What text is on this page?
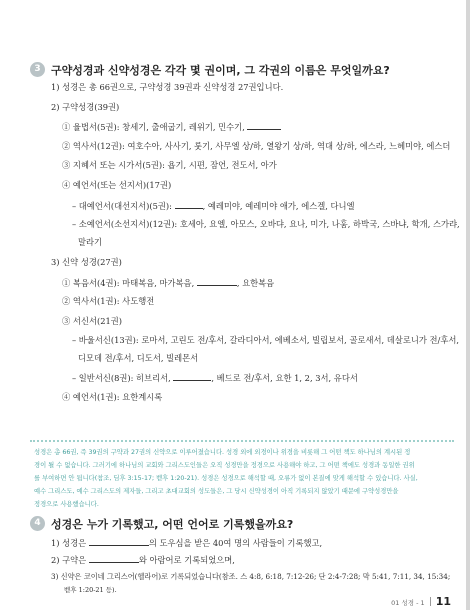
3 구약성경과 신약성경은 각각 몇 권이며, 그 각권의 이름은 무엇일까요?
1) 성경은 총 66권으로, 구약성경 39권과 신약성경 27권입니다.
2) 구약성경(39권)
① 율법서(5권): 창세기, 출애굽기, 레위기, 민수기,
② 역사서(12권): 여호수아, 사사기, 룻기, 사무엘 상/하, 열왕기 상/하, 역대 상/하, 에스라, 느헤미야, 에스더
③ 지혜서 또는 시가서(5권): 욥기, 시편, 잠언, 전도서, 아가
④ 예언서(또는 선지서)(17권)
– 대예언서(대선지서)(5권):	, 예레미야, 예레미야 애가, 에스겔, 다니엘
– 소예언서(소선지서)(12권): 호세아, 요엘, 아모스, 오바댜, 요나, 미가, 나훔, 하박국, 스바냐, 학개, 스가랴,
말라기
3) 신약 성경(27권)
① 복음서(4권): 마태복음, 마가복음,	, 요한복음
② 역사서(1권): 사도행전
③ 서신서(21권)
– 바울서신(13권): 로마서, 고린도 전/후서, 갈라디아서, 에베소서, 빌립보서, 골로새서, 데살로니가 전/후서,
디모데 전/후서, 디도서, 빌레몬서
– 일반서신(8권): 히브리서,	, 베드로 전/후서, 요한 1, 2, 3서, 유다서
④ 예언서(1권): 요한계시록
성경은 총 66권, 즉 39권의 구약과 27권의 신약으로 이루어졌습니다. 성경 외에 외경이나 위경을 비롯해 그 어떤 책도 하나님의 계시된 정
경이 될 수 없습니다. 그러기에 하나님의 교회와 그리스도인들은 오직 성경만을 정경으로 사용해야 하고, 그 어떤 책에도 성경과 동일한 권위
를 부여하면 안 됩니다(참조, 딤후 3:15-17; 벧후 1:20-21). 성경은 성경으로 해석할 때, 오류가 없이 본질에 맞게 해석할 수 있습니다. 사실,
예수 그리스도, 예수 그리스도의 제자들, 그리고 초대교회의 성도들은, 그 당시 신약성경이 아직 기록되지 않았기 때문에 구약성경만을
정경으로 사용했습니다.
4 성경은 누가 기록했고, 어떤 언어로 기록했을까요?
1) 성경은	의 도우심을 받은 40여 명의 사람들이 기록했고,
2) 구약은	와 아람어로 기록되었으며,
3) 신약은 코이네 그리스어(헬라어)로 기록되었습니다(참조. 스 4:8, 6:18, 7:12-26; 단 2:4-7:28; 막 5:41, 7:11, 34, 15:34;
벧후 1:20-21 등).
01 성경 - 1 11
